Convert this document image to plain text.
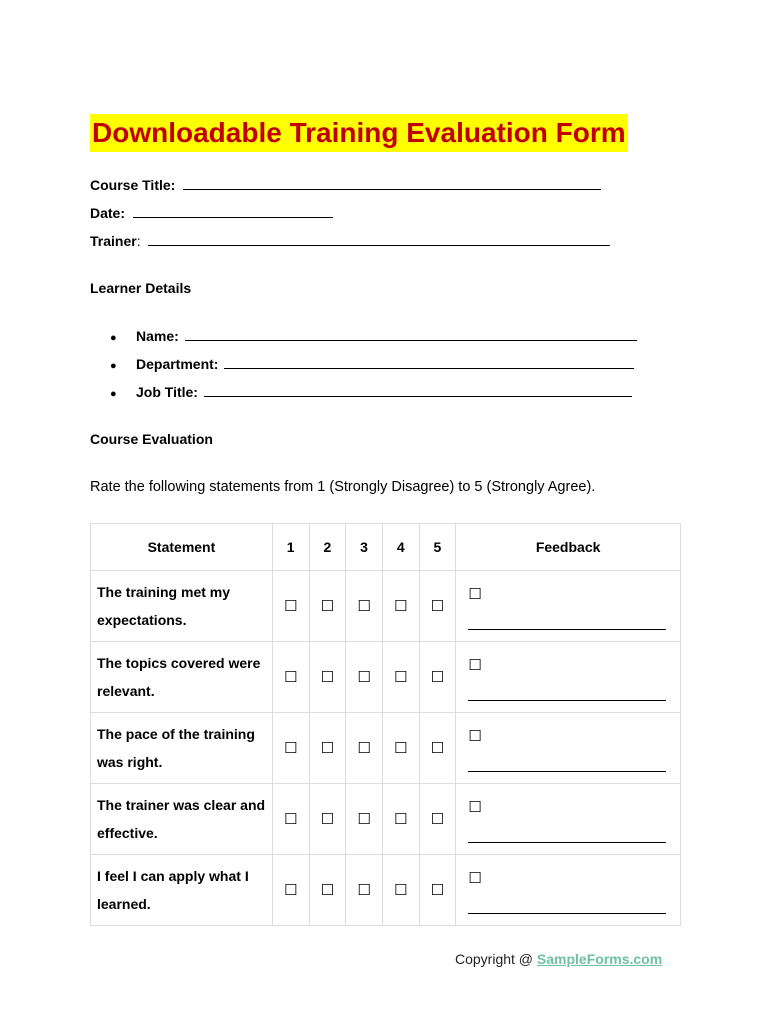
Downloadable Training Evaluation Form
Course Title:
Date:
Trainer:
Learner Details
● Name:
● Department:
● Job Title:
Course Evaluation
Rate the following statements from 1 (Strongly Disagree) to 5 (Strongly Agree).
Statement	1	2	3	4	5	Feedback

The training met my expectations.	☐	☐	☐	☐	☐	☐

The topics covered were relevant.	☐	☐	☐	☐	☐	☐

The pace of the training was right.	☐	☐	☐	☐	☐	☐

The trainer was clear and effective.	☐	☐	☐	☐	☐	☐

I feel I can apply what I learned.	☐	☐	☐	☐	☐	☐
Copyright @ SampleForms.com
